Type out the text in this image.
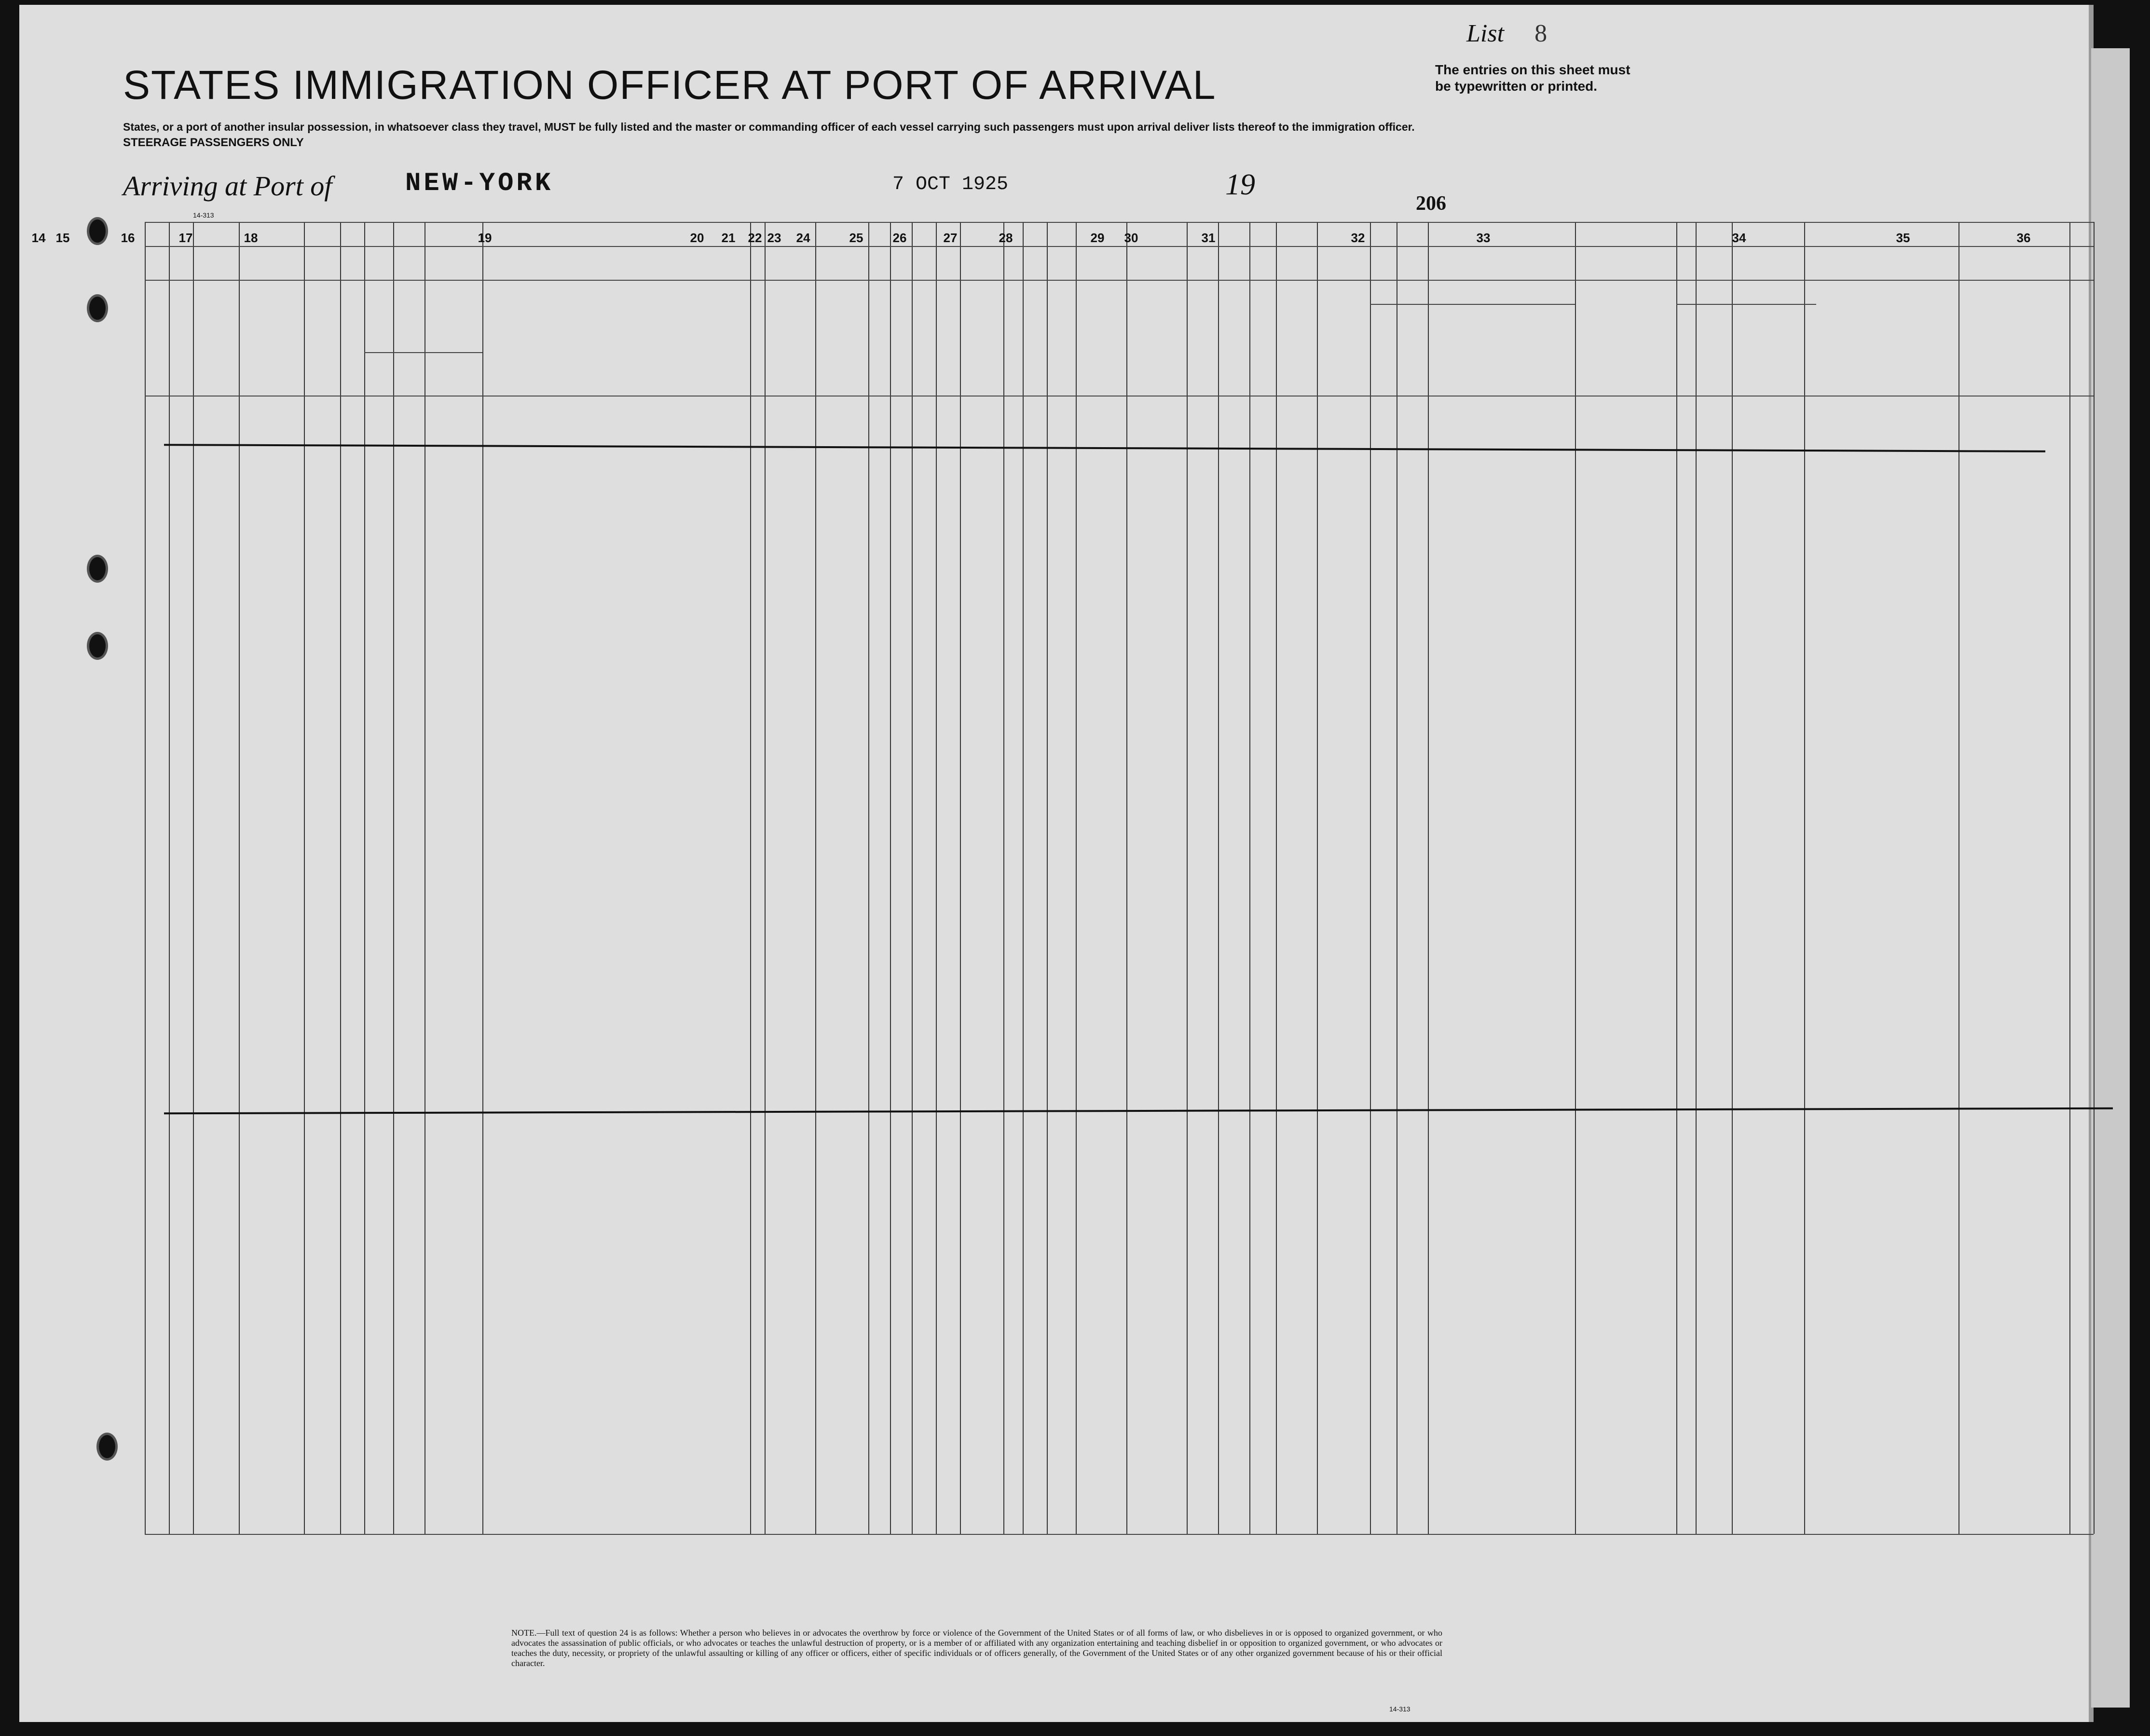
List 8
STATES IMMIGRATION OFFICER AT PORT OF ARRIVAL	The entries on this sheet must
be typewritten or printed.
States, or a port of another insular possession, in whatsoever class they travel, MUST be fully listed and the master or commanding officer of each vessel carrying such passengers must upon arrival deliver lists thereof to the immigration officer.
STEERAGE PASSENGERS ONLY
Arriving at Port of	NEW-YORK	7 OCT 1925	19
206
14-313
14 15	16	17	18	19	20	21	22 23	24	25	26	27	28	29	30	31	32	33	34	35	36
NOTE.—Full text of question 24 is as follows: Whether a person who believes in or advocates the overthrow by force or violence of the Government of the United States or of all forms of law, or who disbelieves in or is opposed to organized government, or who advocates the assassination of public officials, or who advocates or teaches the unlawful destruction of property, or is a member of or affiliated with any organization entertaining and teaching disbelief in or opposition to organized government, or who advocates or teaches the duty, necessity, or propriety of the unlawful assaulting or killing of any officer or officers, either of specific individuals or of officers generally, of the Government of the United States or of any other organized government because of his or their official character.
14-313
